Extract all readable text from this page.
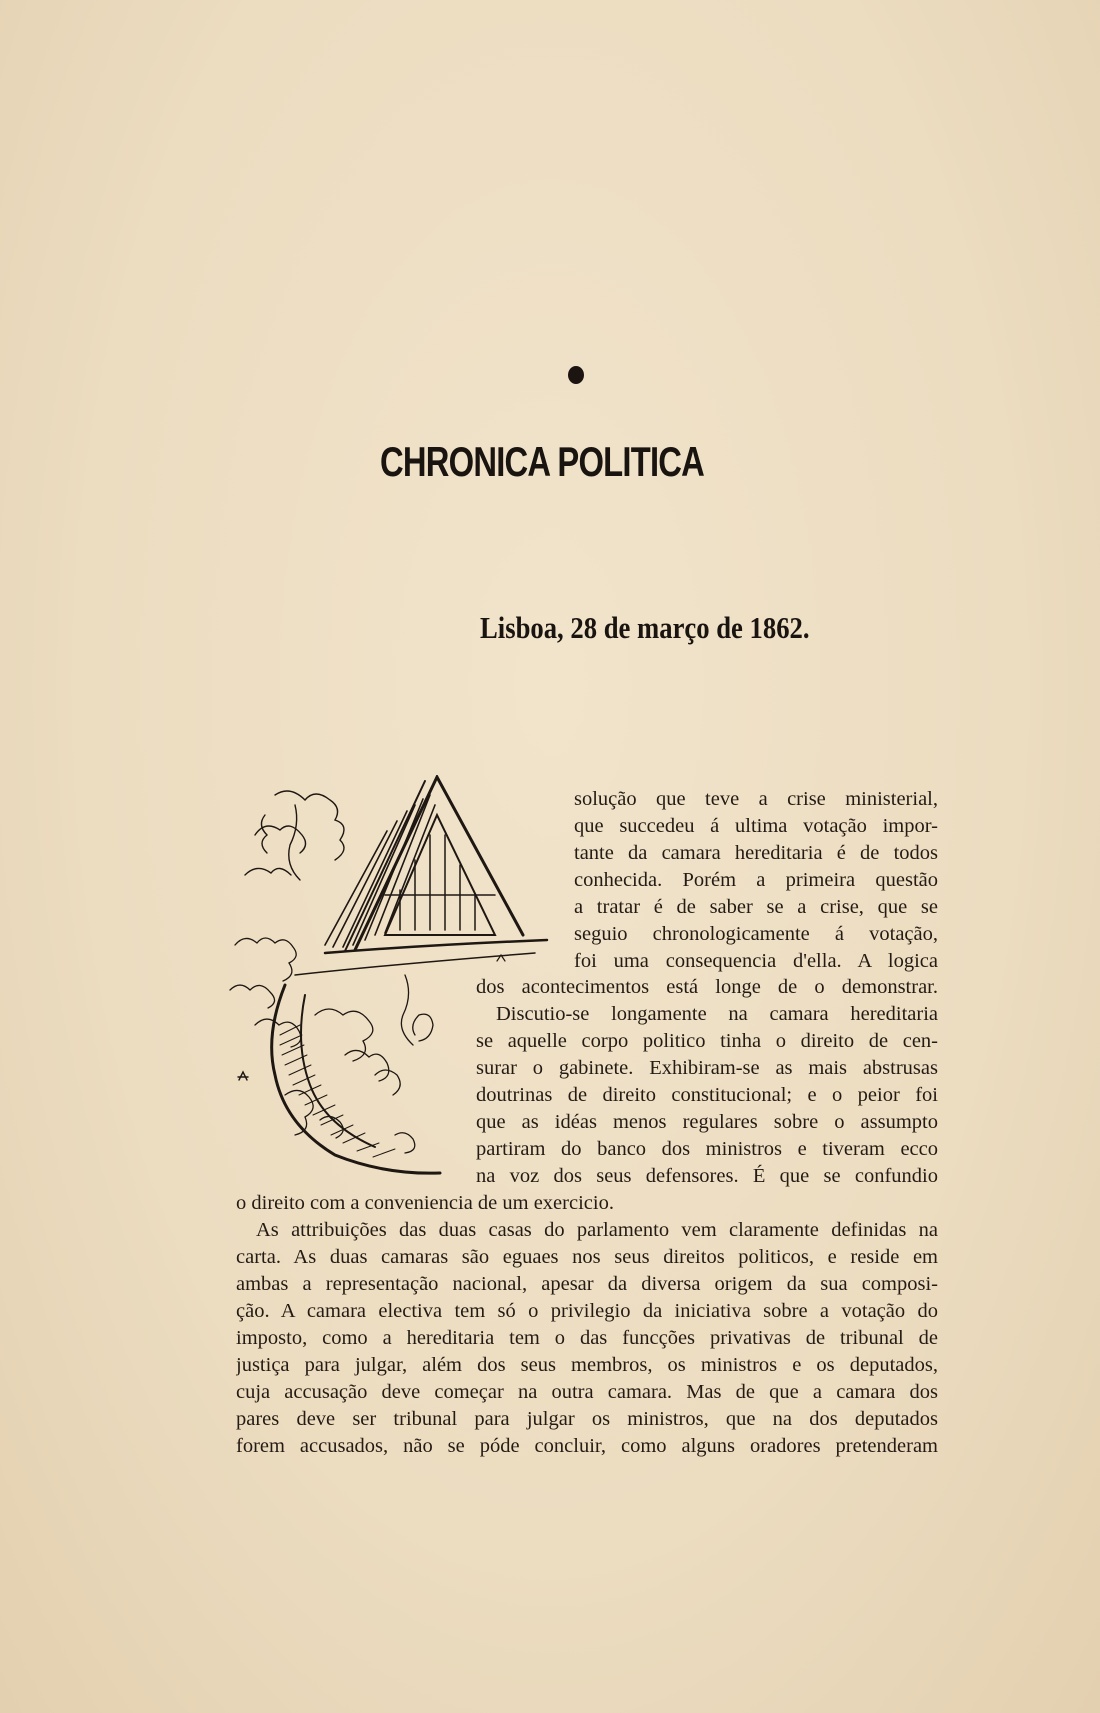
CHRONICA POLITICA
Lisboa, 28 de março de 1862.
solução que teve a crise ministerial,
que succedeu á ultima votação impor-
tante da camara hereditaria é de todos
conhecida. Porém a primeira questão
a tratar é de saber se a crise, que se
seguio chronologicamente á votação,
foi uma consequencia d'ella. A logica
dos acontecimentos está longe de o demonstrar.
Discutio-se longamente na camara hereditaria
se aquelle corpo politico tinha o direito de cen-
surar o gabinete. Exhibiram-se as mais abstrusas
doutrinas de direito constitucional; e o peior foi
que as idéas menos regulares sobre o assumpto
partiram do banco dos ministros e tiveram ecco
na voz dos seus defensores. É que se confundio
o direito com a conveniencia de um exercicio.
As attribuições das duas casas do parlamento vem claramente definidas na
carta. As duas camaras são eguaes nos seus direitos politicos, e reside em
ambas a representação nacional, apesar da diversa origem da sua composi-
ção. A camara electiva tem só o privilegio da iniciativa sobre a votação do
imposto, como a hereditaria tem o das funcções privativas de tribunal de
justiça para julgar, além dos seus membros, os ministros e os deputados,
cuja accusação deve começar na outra camara. Mas de que a camara dos
pares deve ser tribunal para julgar os ministros, que na dos deputados
forem accusados, não se póde concluir, como alguns oradores pretenderam
